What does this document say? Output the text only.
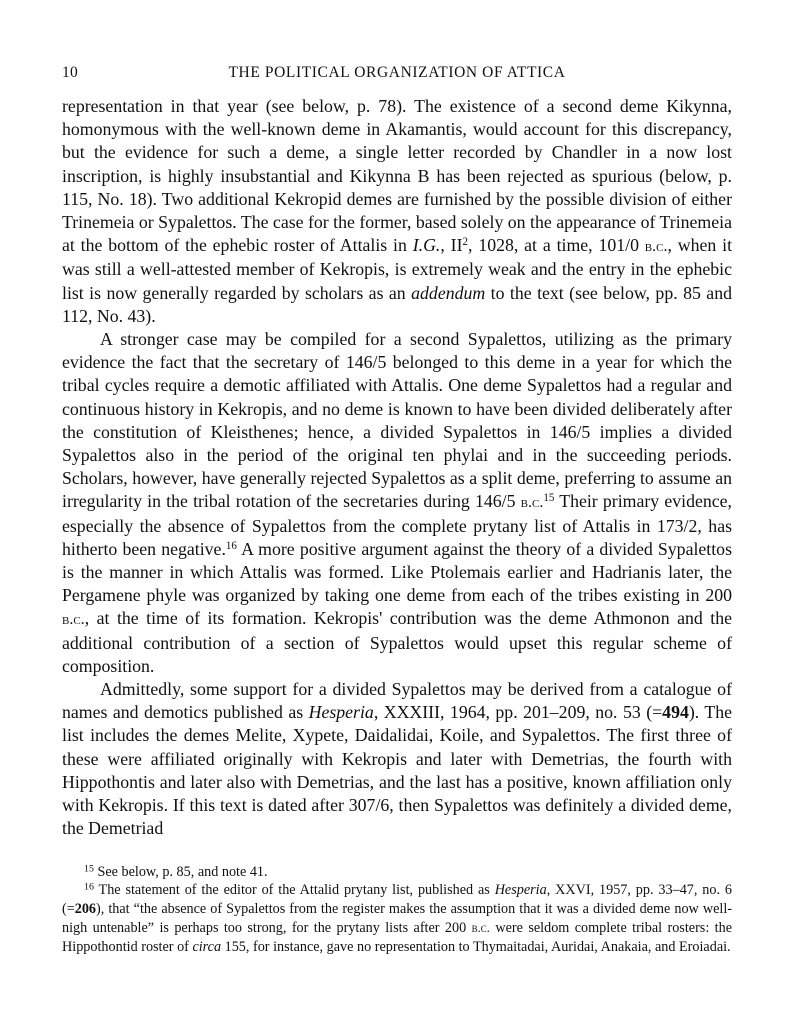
10	THE POLITICAL ORGANIZATION OF ATTICA

representation in that year (see below, p. 78). The existence of a second deme Kikynna, homonymous with the well-known deme in Akamantis, would account for this discrepancy, but the evidence for such a deme, a single letter recorded by Chandler in a now lost inscription, is highly insubstantial and Kikynna B has been rejected as spurious (below, p. 115, No. 18). Two additional Kekropid demes are furnished by the possible division of either Trinemeia or Sypalettos. The case for the former, based solely on the appearance of Trinemeia at the bottom of the ephebic roster of Attalis in I.G., $II^2$, 1028, at a time, 101/0 b.c., when it was still a well-attested member of Kekropis, is extremely weak and the entry in the ephebic list is now generally regarded by scholars as an addendum to the text (see below, pp. 85 and 112, No. 43).

A stronger case may be compiled for a second Sypalettos, utilizing as the primary evidence the fact that the secretary of 146/5 belonged to this deme in a year for which the tribal cycles require a demotic affiliated with Attalis. One deme Sypalettos had a regular and continuous history in Kekropis, and no deme is known to have been divided deliberately after the constitution of Kleisthenes; hence, a divided Sypalettos in 146/5 implies a divided Sypalettos also in the period of the original ten phylai and in the succeeding periods. Scholars, however, have generally rejected Sypalettos as a split deme, preferring to assume an irregularity in the tribal rotation of the secretaries during 146/5 b.c.$^{15}$ Their primary evidence, especially the absence of Sypalettos from the complete prytany list of Attalis in 173/2, has hitherto been negative.$^{16}$ A more positive argument against the theory of a divided Sypalettos is the manner in which Attalis was formed. Like Ptolemais earlier and Hadrianis later, the Pergamene phyle was organized by taking one deme from each of the tribes existing in 200 b.c., at the time of its formation. Kekropis' contribution was the deme Athmonon and the additional contribution of a section of Sypalettos would upset this regular scheme of composition.

Admittedly, some support for a divided Sypalettos may be derived from a catalogue of names and demotics published as Hesperia, XXXIII, 1964, pp. 201–209, no. 53 (=494). The list includes the demes Melite, Xypete, Daidalidai, Koile, and Sypalettos. The first three of these were affiliated originally with Kekropis and later with Demetrias, the fourth with Hippothontis and later also with Demetrias, and the last has a positive, known affiliation only with Kekropis. If this text is dated after 307/6, then Sypalettos was definitely a divided deme, the Demetriad

$^{15}$ See below, p. 85, and note 41.

$^{16}$ The statement of the editor of the Attalid prytany list, published as Hesperia, XXVI, 1957, pp. 33–47, no. 6 (=206), that “the absence of Sypalettos from the register makes the assumption that it was a divided deme now well-nigh untenable” is perhaps too strong, for the prytany lists after 200 b.c. were seldom complete tribal rosters: the Hippothontid roster of circa 155, for instance, gave no representation to Thymaitadai, Auridai, Anakaia, and Eroiadai.
